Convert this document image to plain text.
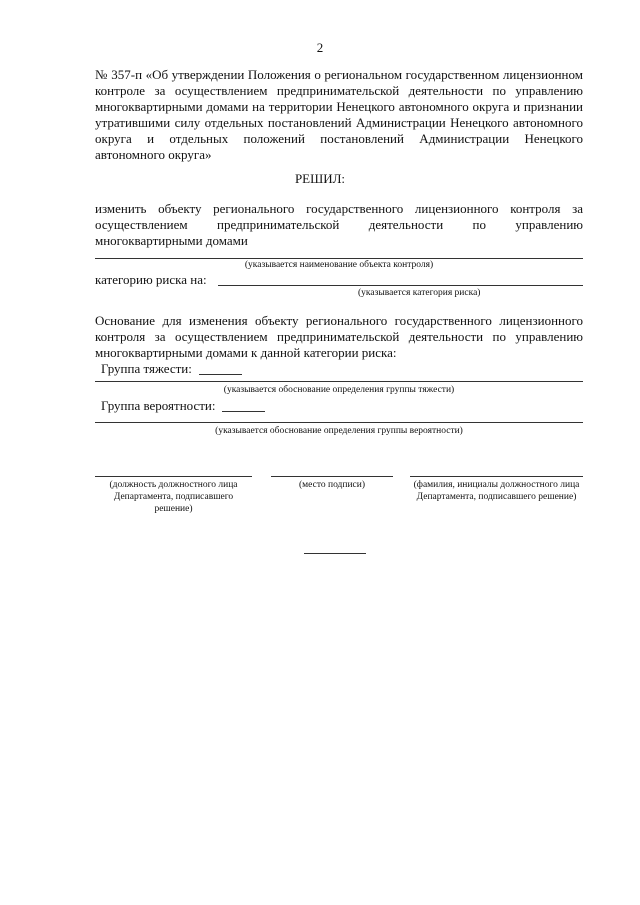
2

№ 357-п «Об утверждении Положения о региональном государственном лицензионном контроле за осуществлением предпринимательской деятельности по управлению многоквартирными домами на территории Ненецкого автономного округа и признании утратившими силу отдельных постановлений Администрации Ненецкого автономного округа и отдельных положений постановлений Администрации Ненецкого автономного округа»

РЕШИЛ:

изменить объекту регионального государственного лицензионного контроля за осуществлением предпринимательской деятельности по управлению многоквартирными домами

(указывается наименование объекта контроля)
категорию риска на:
(указывается категория риска)

Основание для изменения объекту регионального государственного лицензионного контроля за осуществлением предпринимательской деятельности по управлению многоквартирными домами к данной категории риска:

Группа тяжести:
(указывается обоснование определения группы тяжести)
Группа вероятности:
(указывается обоснование определения группы вероятности)
(должность должностного лица Департамента, подписавшего решение)
(место подписи)	(фамилия, инициалы должностного лица Департамента, подписавшего решение)
